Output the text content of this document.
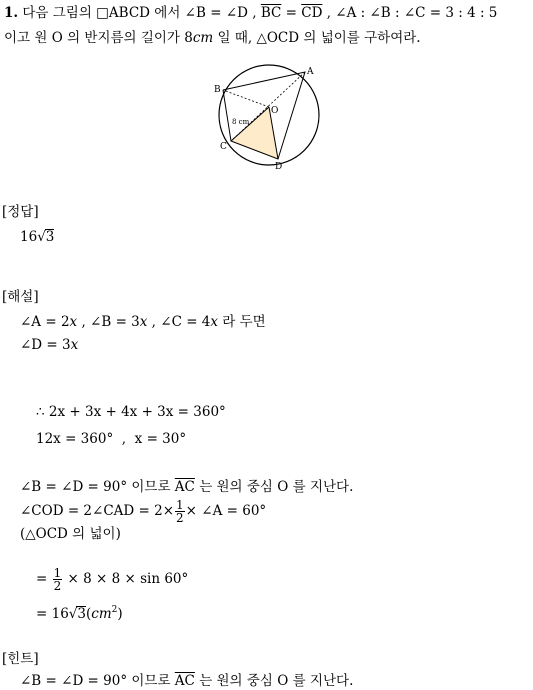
1. 다음 그림의 □ABCD 에서 ∠B = ∠D , $\overline{BC} = \overline{CD}$ , ∠A : ∠B : ∠C = 3 : 4 : 5
이고 원 O 의 반지름의 길이가 8cm 일 때, △OCD 의 넓이를 구하여라.
A
B
C
D
O
8 cm
[정답]
16√3
[해설]
∠A = 2x , ∠B = 3x , ∠C = 4x 라 두면
∠D = 3x
∴ 2x + 3x + 4x + 3x = 360°
12x = 360°  ,  x = 30°
∠B = ∠D = 90° 이므로 $\overline{AC}$ 는 원의 중심 O 를 지난다.
∠COD = 2∠CAD = $2\times \frac{1}{2}$ × ∠A = 60°
(△OCD 의 넓이)
= $\frac{1}{2} \times 8 \times 8 \times \sin 60^\circ$
= $16√3(cm^2)$
[힌트]
∠B = ∠D = 90° 이므로 $\overline{AC}$ 는 원의 중심 O 를 지난다.
